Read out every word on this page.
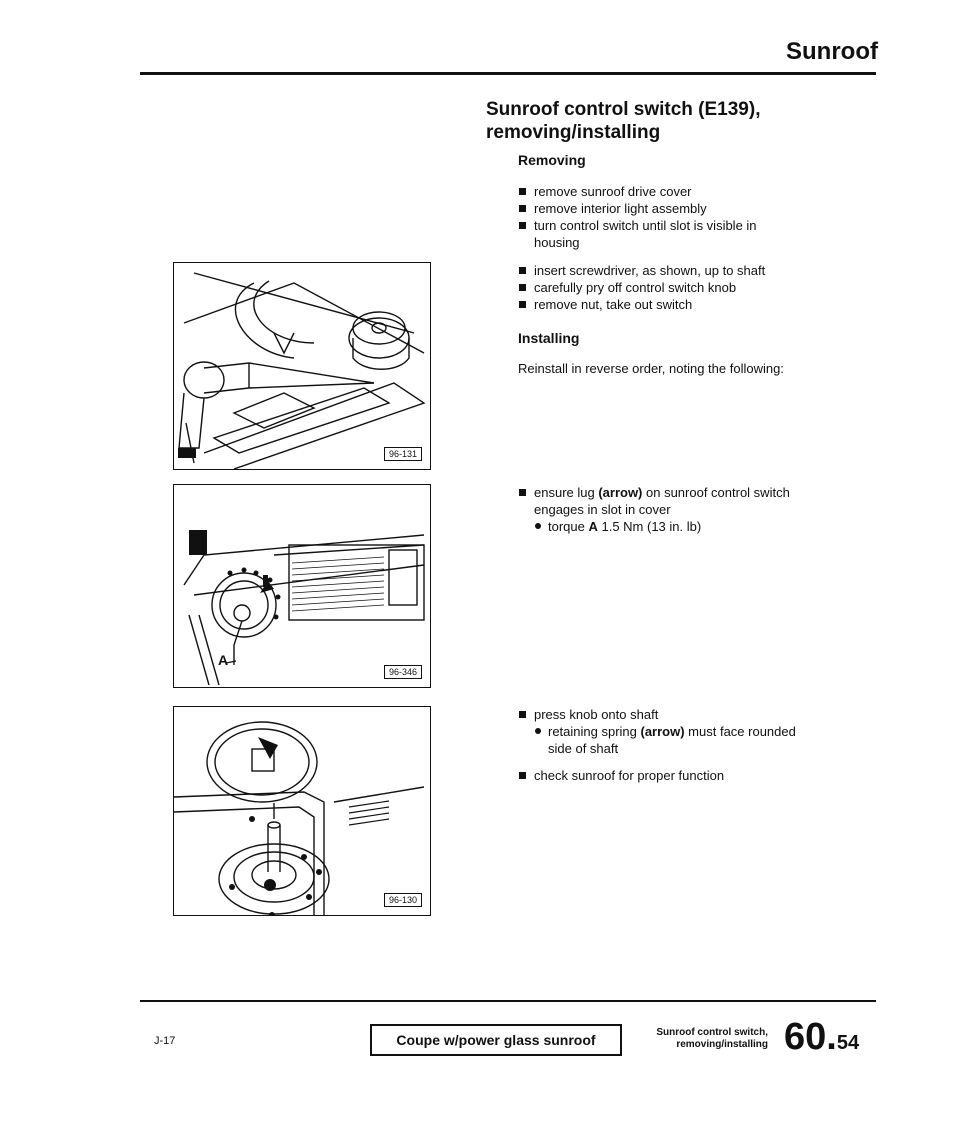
Sunroof
Sunroof control switch (E139),
removing/installing
Removing
remove sunroof drive cover
remove interior light assembly
turn control switch until slot is visible in housing
insert screwdriver, as shown, up to shaft
carefully pry off control switch knob
remove nut, take out switch
Installing
Reinstall in reverse order, noting the following:
ensure lug (arrow) on sunroof control switch engages in slot in cover
torque A 1.5 Nm (13 in. lb)
press knob onto shaft
retaining spring (arrow) must face rounded side of shaft
check sunroof for proper function
96-131
A
96-346
96-130
J-17	Coupe w/power glass sunroof	Sunroof control switch,
removing/installing 60.54
